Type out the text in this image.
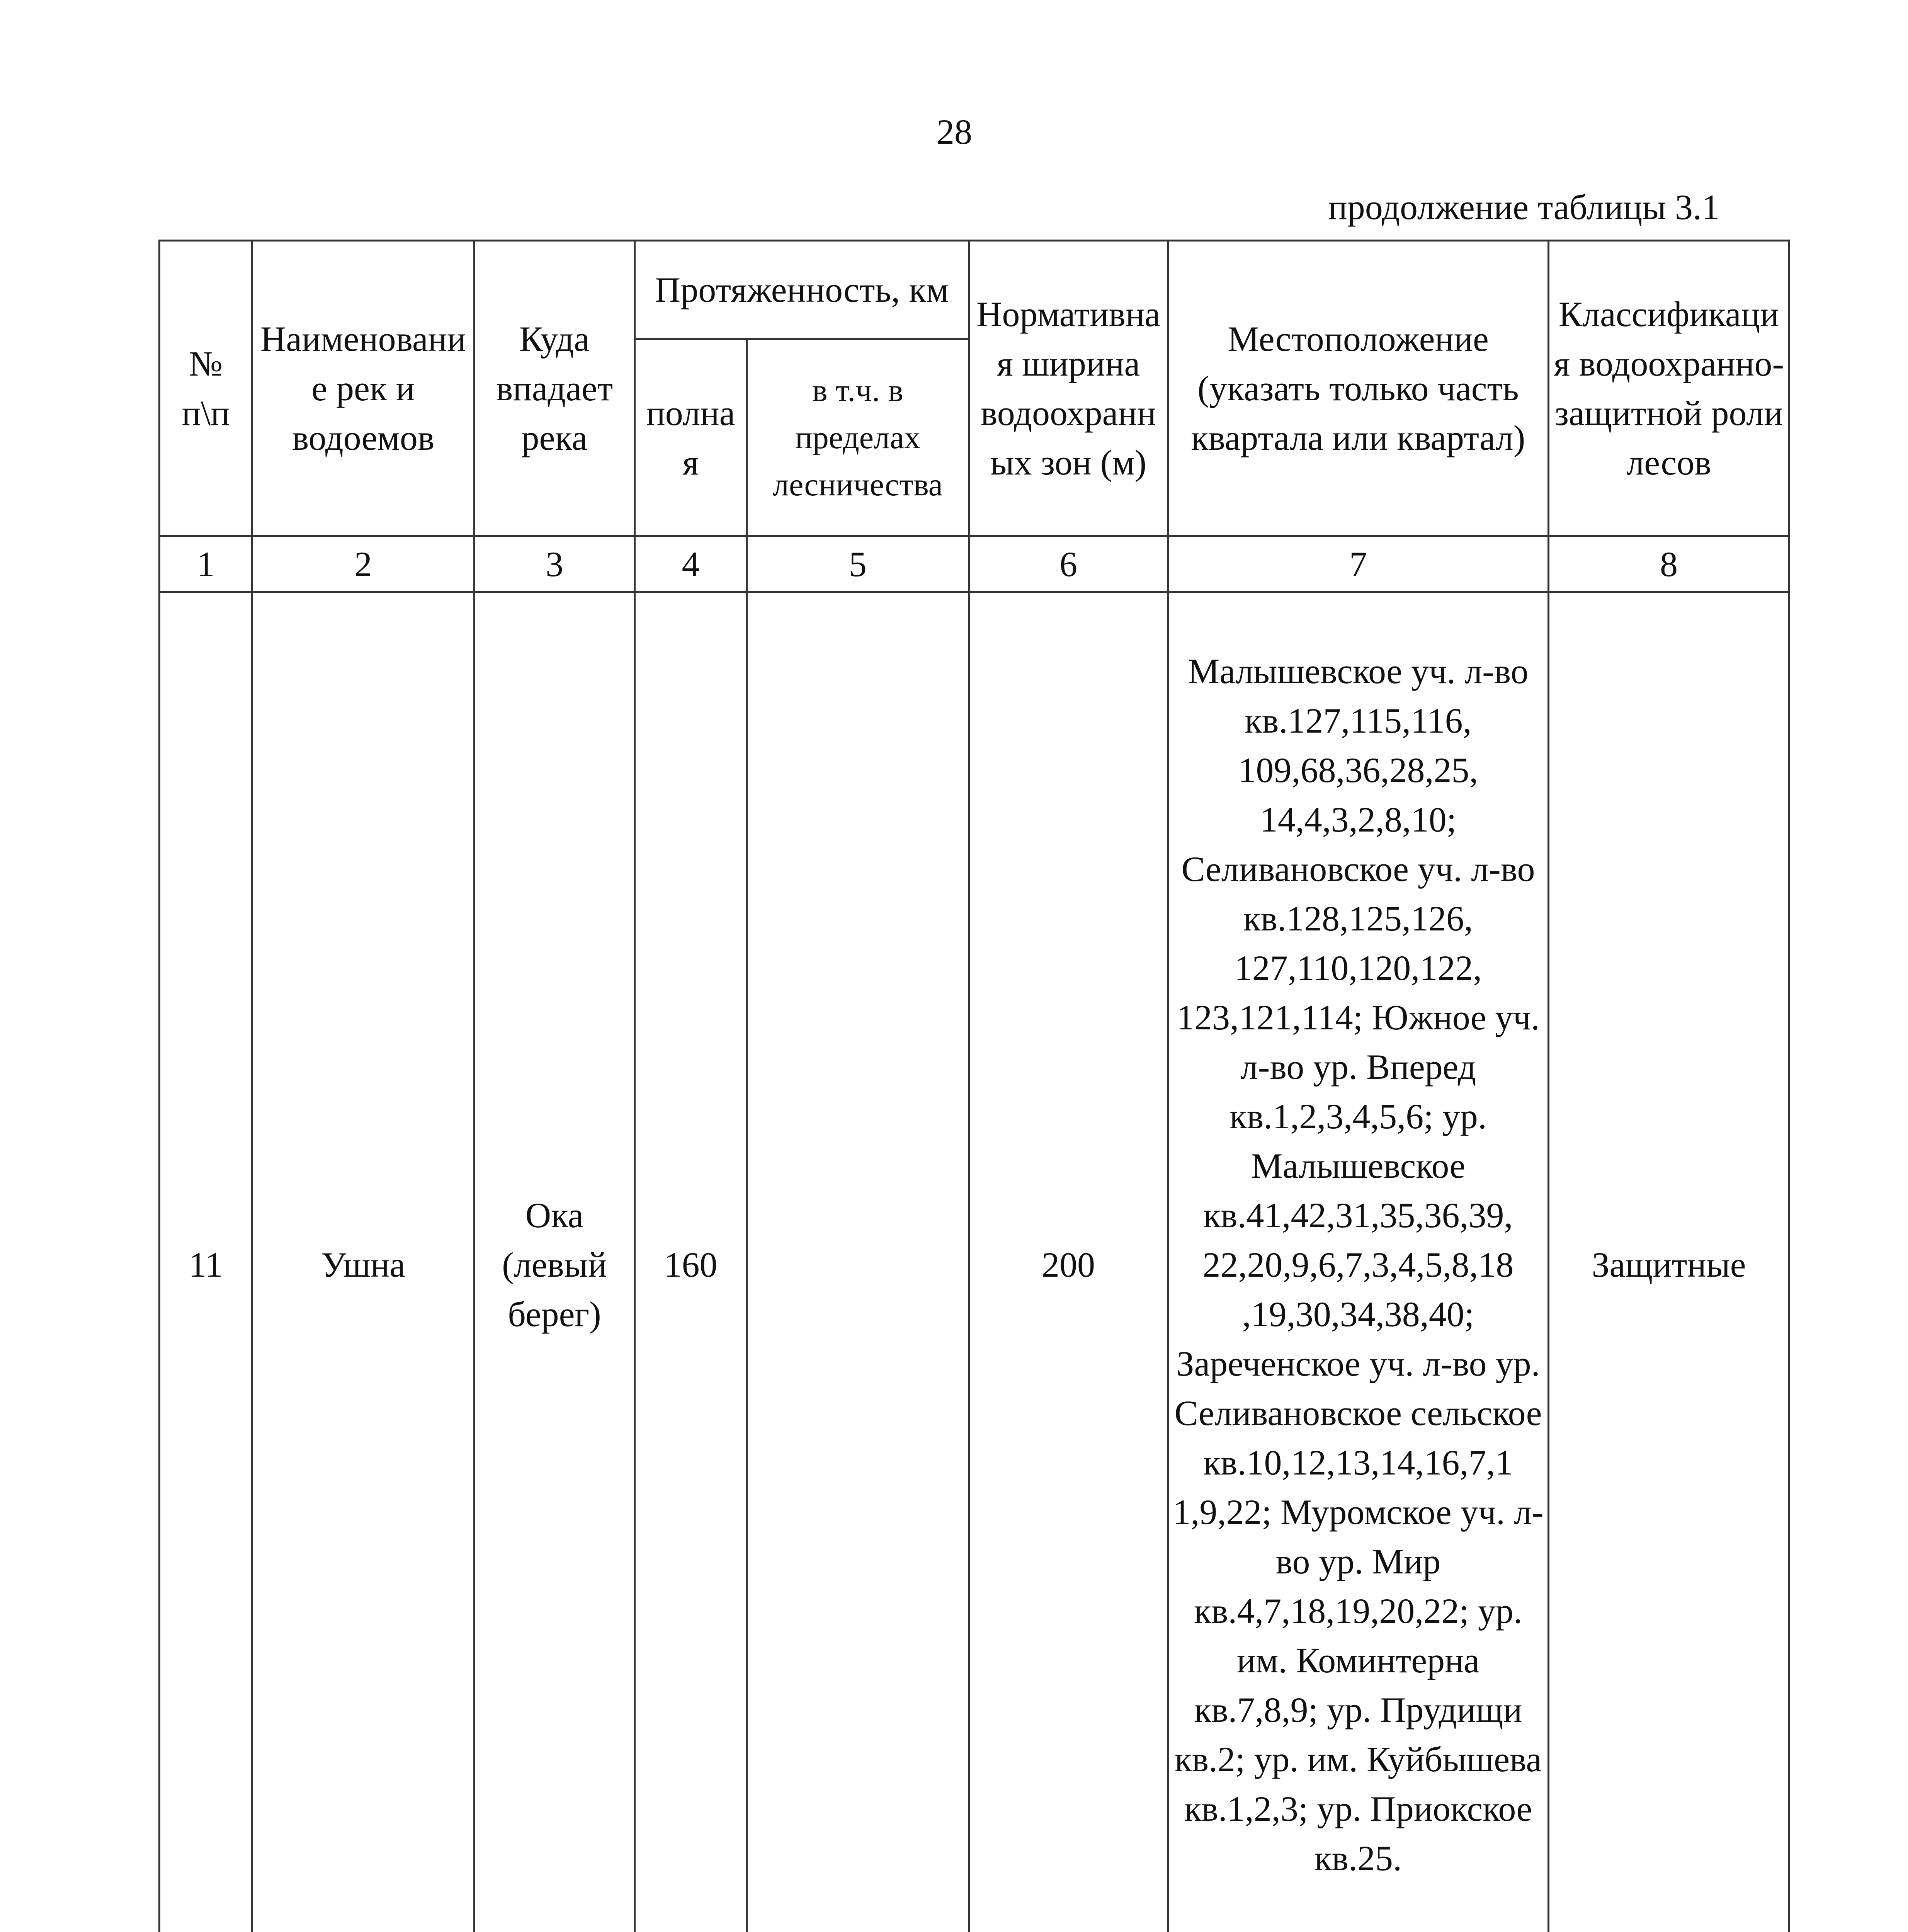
28
продолжение таблицы 3.1
№ п\п	Наименование рек и водоемов	Куда впадает река	Протяженность, км		Нормативная ширина водоохранных зон (м)	Местоположение (указать только часть квартала или квартал)	Классификация водоохранно-защитной роли лесов
			полная	в т.ч. в пределах лесничества			
1	2	3	4	5	6	7	8
11	Ушна	Ока (левый берег)	160		200	Малышевское уч. л-во кв.127,115,116, 109,68,36,28,25, 14,4,3,2,8,10; Селивановское уч. л-во кв.128,125,126, 127,110,120,122, 123,121,114; Южное уч. л-во ур. Вперед кв.1,2,3,4,5,6; ур. Малышевское кв.41,42,31,35,36,39, 22,20,9,6,7,3,4,5,8,18 ,19,30,34,38,40; Зареченское уч. л-во ур. Селивановское сельское кв.10,12,13,14,16,7,1 1,9,22; Муромское уч. л-во ур. Мир кв.4,7,18,19,20,22; ур. им. Коминтерна кв.7,8,9; ур. Прудищи кв.2; ур. им. Куйбышева кв.1,2,3; ур. Приокское кв.25.	Защитные
